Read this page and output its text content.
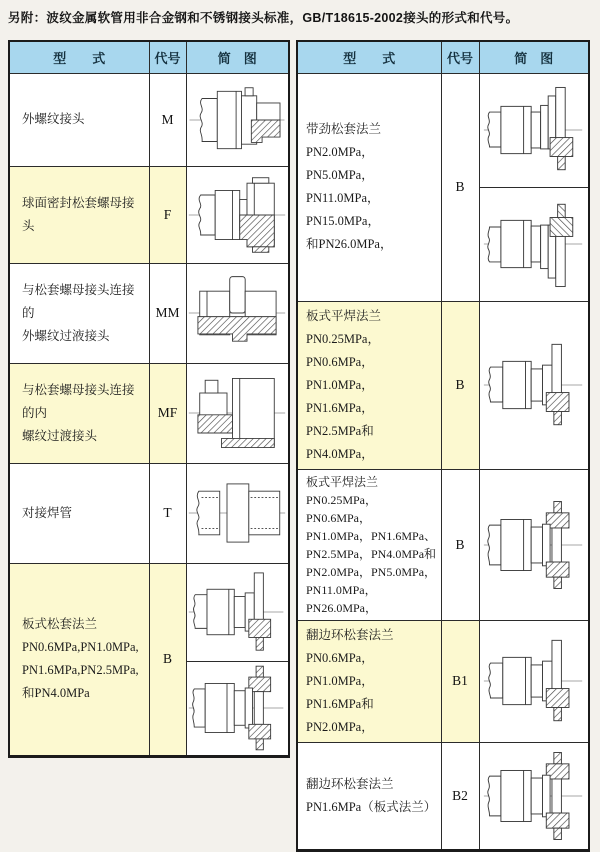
另附：波纹金属软管用非合金钢和不锈钢接头标准，GB/T18615-2002接头的形式和代号。
型　　式	代号	简　图

外螺纹接头	M	

球面密封松套螺母接头	F	

与松套螺母接头连接的
外螺纹过液接头	MM	

与松套螺母接头连接的内
螺纹过渡接头	MF	

对接焊管	T	

板式松套法兰
PN0.6MPa,PN1.0MPa,
PN1.6MPa,PN2.5MPa,
和PN4.0MPa	B	

型　　式	代号	简　图

带劲松套法兰
PN2.0MPa，PN5.0MPa，
PN11.0MPa，PN15.0MPa，
和PN26.0MPa，	B	

板式平焊法兰
PN0.25MPa，PN0.6MPa，
PN1.0MPa，PN1.6MPa，
PN2.5MPa和PN4.0MPa，	B	

板式平焊法兰
PN0.25MPa，PN0.6MPa，
PN1.0MPa，PN1.6MPa、
PN2.5MPa，PN4.0MPa和
PN2.0MPa，PN5.0MPa，
PN11.0MPa，PN26.0MPa，
	B	

翻边环松套法兰
PN0.6MPa，PN1.0MPa，
PN1.6MPa和PN2.0MPa，	B1	

翻边环松套法兰
PN1.6MPa（板式法兰）	B2	
